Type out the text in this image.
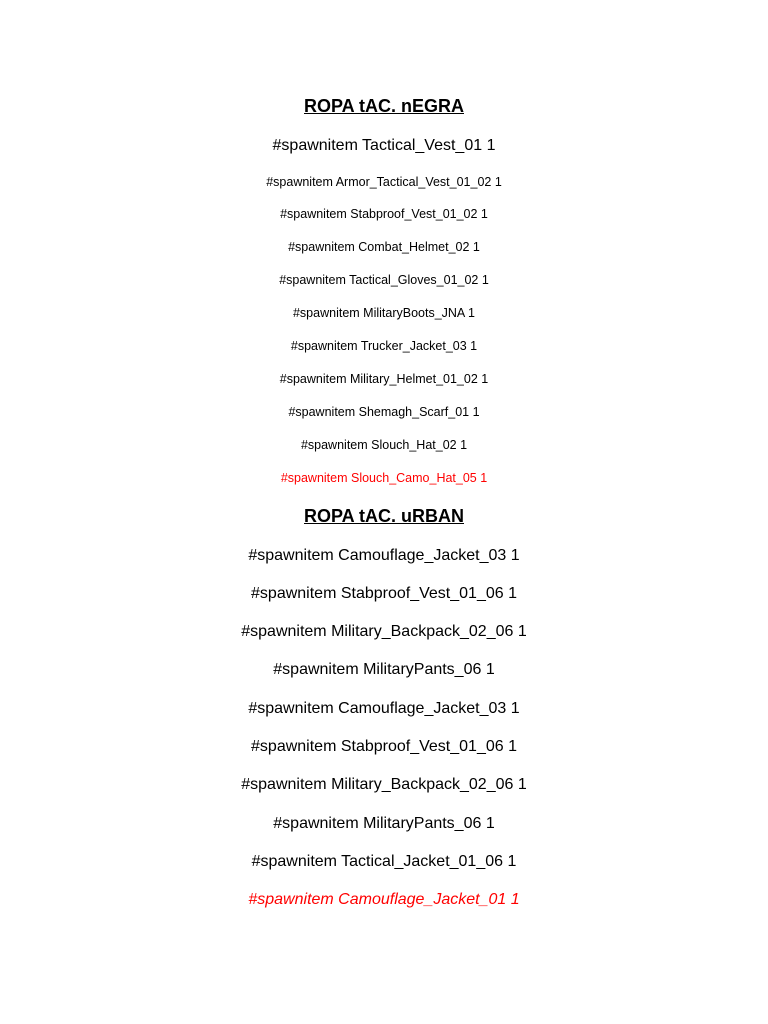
ROPA tAC. nEGRA
#spawnitem Tactical_Vest_01 1
#spawnitem Armor_Tactical_Vest_01_02 1
#spawnitem Stabproof_Vest_01_02 1
#spawnitem Combat_Helmet_02 1
#spawnitem Tactical_Gloves_01_02 1
#spawnitem MilitaryBoots_JNA 1
#spawnitem Trucker_Jacket_03 1
#spawnitem Military_Helmet_01_02 1
#spawnitem Shemagh_Scarf_01 1
#spawnitem Slouch_Hat_02 1
#spawnitem Slouch_Camo_Hat_05 1
ROPA tAC. uRBAN
#spawnitem Camouflage_Jacket_03 1
#spawnitem Stabproof_Vest_01_06 1
#spawnitem Military_Backpack_02_06 1
#spawnitem MilitaryPants_06 1
#spawnitem Camouflage_Jacket_03 1
#spawnitem Stabproof_Vest_01_06 1
#spawnitem Military_Backpack_02_06 1
#spawnitem MilitaryPants_06 1
#spawnitem Tactical_Jacket_01_06 1
#spawnitem Camouflage_Jacket_01 1
